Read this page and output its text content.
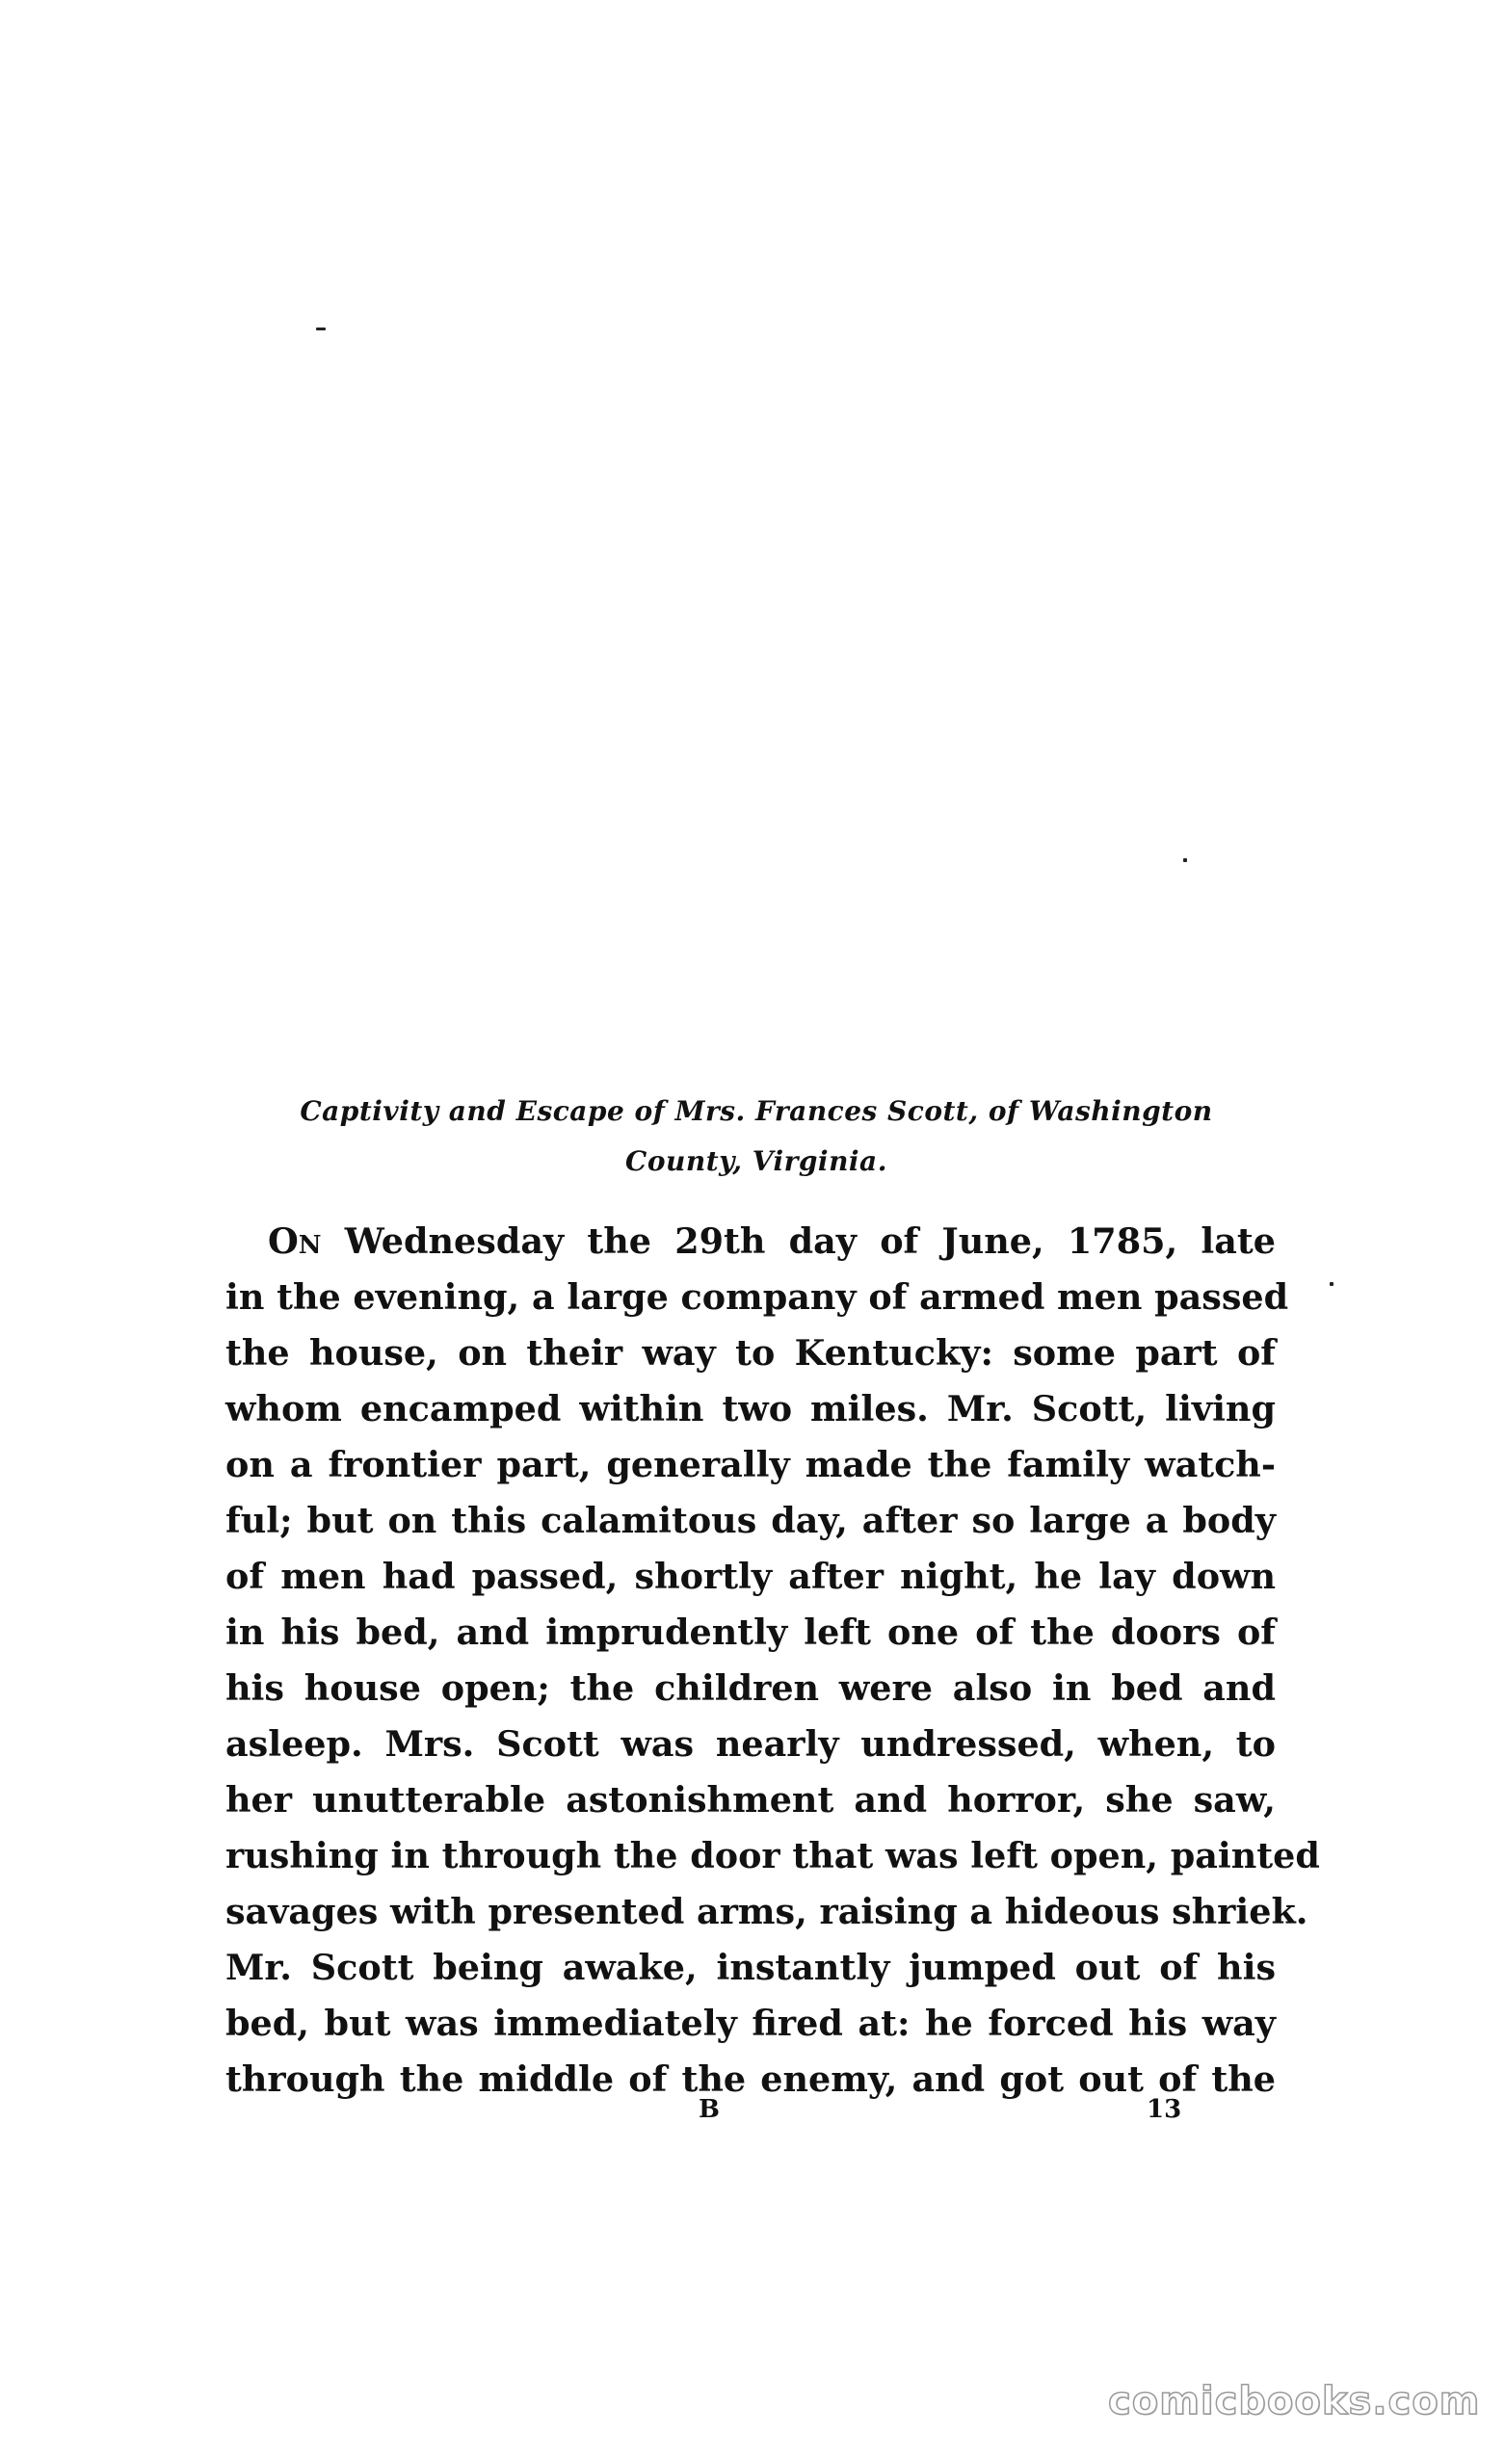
Captivity and Escape of Mrs. Frances Scott, of Washington
County, Virginia.
On Wednesday the 29th day of June, 1785, late
in the evening, a large company of armed men passed
the house, on their way to Kentucky: some part of
whom encamped within two miles. Mr. Scott, living
on a frontier part, generally made the family watch-
ful; but on this calamitous day, after so large a body
of men had passed, shortly after night, he lay down
in his bed, and imprudently left one of the doors of
his house open; the children were also in bed and
asleep. Mrs. Scott was nearly undressed, when, to
her unutterable astonishment and horror, she saw,
rushing in through the door that was left open, painted
savages with presented arms, raising a hideous shriek.
Mr. Scott being awake, instantly jumped out of his
bed, but was immediately fired at: he forced his way
through the middle of the enemy, and got out of the
B	13
comicbooks.com
